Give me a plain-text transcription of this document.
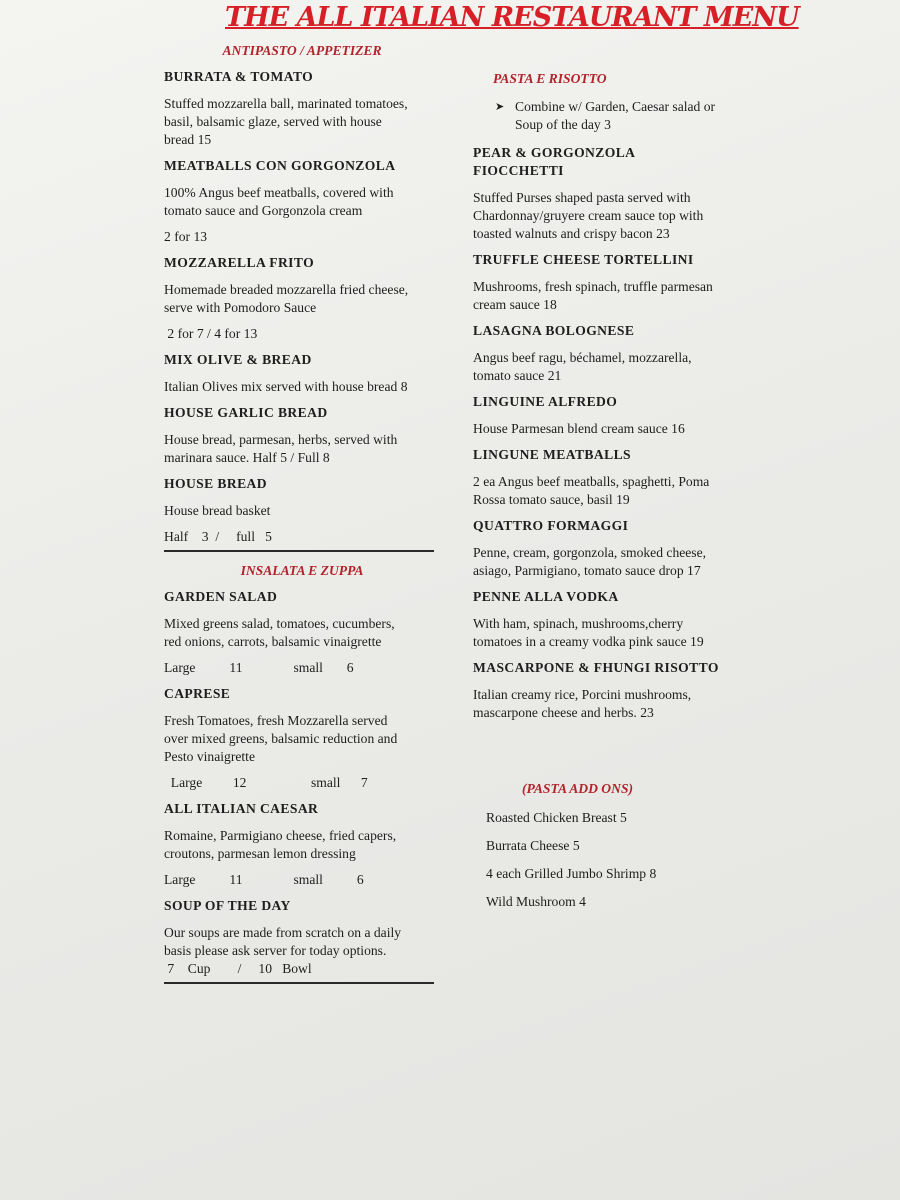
THE ALL ITALIAN RESTAURANT MENU
ANTIPASTO / APPETIZER
BURRATA & TOMATO
Stuffed mozzarella ball, marinated tomatoes,
basil, balsamic glaze, served with house
bread 15
MEATBALLS CON GORGONZOLA
100% Angus beef meatballs, covered with
tomato sauce and Gorgonzola cream
2 for 13
MOZZARELLA FRITO
Homemade breaded mozzarella fried cheese,
serve with Pomodoro Sauce
2 for 7 / 4 for 13
MIX OLIVE & BREAD
Italian Olives mix served with house bread 8
HOUSE GARLIC BREAD
House bread, parmesan, herbs, served with
marinara sauce. Half 5 / Full 8
HOUSE BREAD
House bread basket
Half    3  /     full   5
INSALATA E ZUPPA
GARDEN SALAD
Mixed greens salad, tomatoes, cucumbers,
red onions, carrots, balsamic vinaigrette
Large          11               small       6
CAPRESE
Fresh Tomatoes, fresh Mozzarella served
over mixed greens, balsamic reduction and
Pesto vinaigrette
Large         12                   small      7
ALL ITALIAN CAESAR
Romaine, Parmigiano cheese, fried capers,
croutons, parmesan lemon dressing
Large          11               small          6
SOUP OF THE DAY
Our soups are made from scratch on a daily
basis please ask server for today options.
7    Cup        /     10   Bowl
PASTA E RISOTTO
➤ Combine w/ Garden, Caesar salad or
Soup of the day 3
PEAR & GORGONZOLA
FIOCCHETTI
Stuffed Purses shaped pasta served with
Chardonnay/gruyere cream sauce top with
toasted walnuts and crispy bacon 23
TRUFFLE CHEESE TORTELLINI
Mushrooms, fresh spinach, truffle parmesan
cream sauce 18
LASAGNA BOLOGNESE
Angus beef ragu, béchamel, mozzarella,
tomato sauce 21
LINGUINE ALFREDO
House Parmesan blend cream sauce 16
LINGUNE MEATBALLS
2 ea Angus beef meatballs, spaghetti, Poma
Rossa tomato sauce, basil 19
QUATTRO FORMAGGI
Penne, cream, gorgonzola, smoked cheese,
asiago, Parmigiano, tomato sauce drop 17
PENNE ALLA VODKA
With ham, spinach, mushrooms,cherry
tomatoes in a creamy vodka pink sauce 19
MASCARPONE & FHUNGI RISOTTO
Italian creamy rice, Porcini mushrooms,
mascarpone cheese and herbs. 23
(PASTA ADD ONS)
Roasted Chicken Breast 5
Burrata Cheese 5
4 each Grilled Jumbo Shrimp 8
Wild Mushroom 4
